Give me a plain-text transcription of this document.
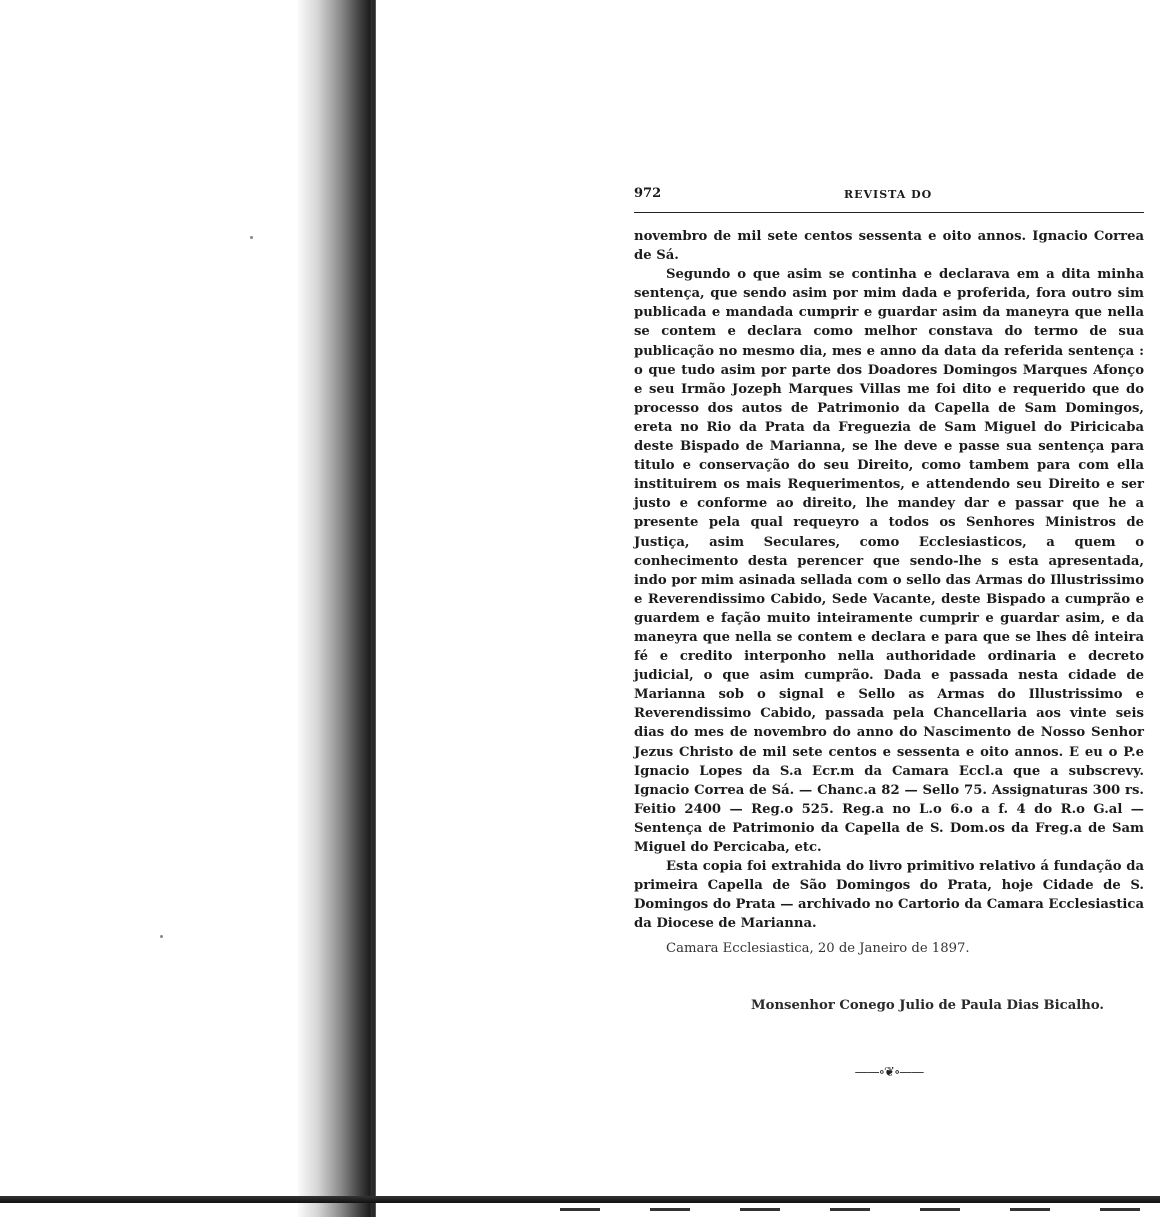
972	REVISTA DO

novembro de mil sete centos sessenta e oito annos. Ignacio Correa de Sá.

Segundo o que asim se continha e declarava em a dita minha sentença, que sendo asim por mim dada e proferida, fora outro sim publicada e mandada cumprir e guardar asim da maneyra que nella se contem e declara como melhor constava do termo de sua publicação no mesmo dia, mes e anno da data da referida sentença : o que tudo asim por parte dos Doadores Domingos Marques Afonço e seu Irmão Jozeph Marques Villas me foi dito e requerido que do processo dos autos de Patrimonio da Capella de Sam Domingos, ereta no Rio da Prata da Freguezia de Sam Miguel do Piricicaba deste Bispado de Marianna, se lhe deve e passe sua sentença para titulo e conservação do seu Direito, como tambem para com ella instituirem os mais Requerimentos, e attendendo seu Direito e ser justo e conforme ao direito, lhe mandey dar e passar que he a presente pela qual requeyro a todos os Senhores Ministros de Justiça, asim Seculares, como Ecclesiasticos, a quem o conhecimento desta perencer que sendo-lhe s esta apresentada, indo por mim asinada sellada com o sello das Armas do Illustrissimo e Reverendissimo Cabido, Sede Vacante, deste Bispado a cumprão e guardem e fação muito inteiramente cumprir e guardar asim, e da maneyra que nella se contem e declara e para que se lhes dê inteira fé e credito interponho nella authoridade ordinaria e decreto judicial, o que asim cumprão. Dada e passada nesta cidade de Marianna sob o signal e Sello as Armas do Illustrissimo e Reverendissimo Cabido, passada pela Chancellaria aos vinte seis dias do mes de novembro do anno do Nascimento de Nosso Senhor Jezus Christo de mil sete centos e sessenta e oito annos. E eu o P.e Ignacio Lopes da S.a Ecr.m da Camara Eccl.a que a subscrevy. Ignacio Correa de Sá. — Chanc.a 82 — Sello 75. Assignaturas 300 rs. Feitio 2400 — Reg.o 525. Reg.a no L.o 6.o a f. 4 do R.o G.al — Sentença de Patrimonio da Capella de S. Dom.os da Freg.a de Sam Miguel do Percicaba, etc.

Esta copia foi extrahida do livro primitivo relativo á fundação da primeira Capella de São Domingos do Prata, hoje Cidade de S. Domingos do Prata — archivado no Cartorio da Camara Ecclesiastica da Diocese de Marianna.

Camara Ecclesiastica, 20 de Janeiro de 1897.
Monsenhor Conego Julio de Paula Dias Bicalho.
——∘❦∘——
